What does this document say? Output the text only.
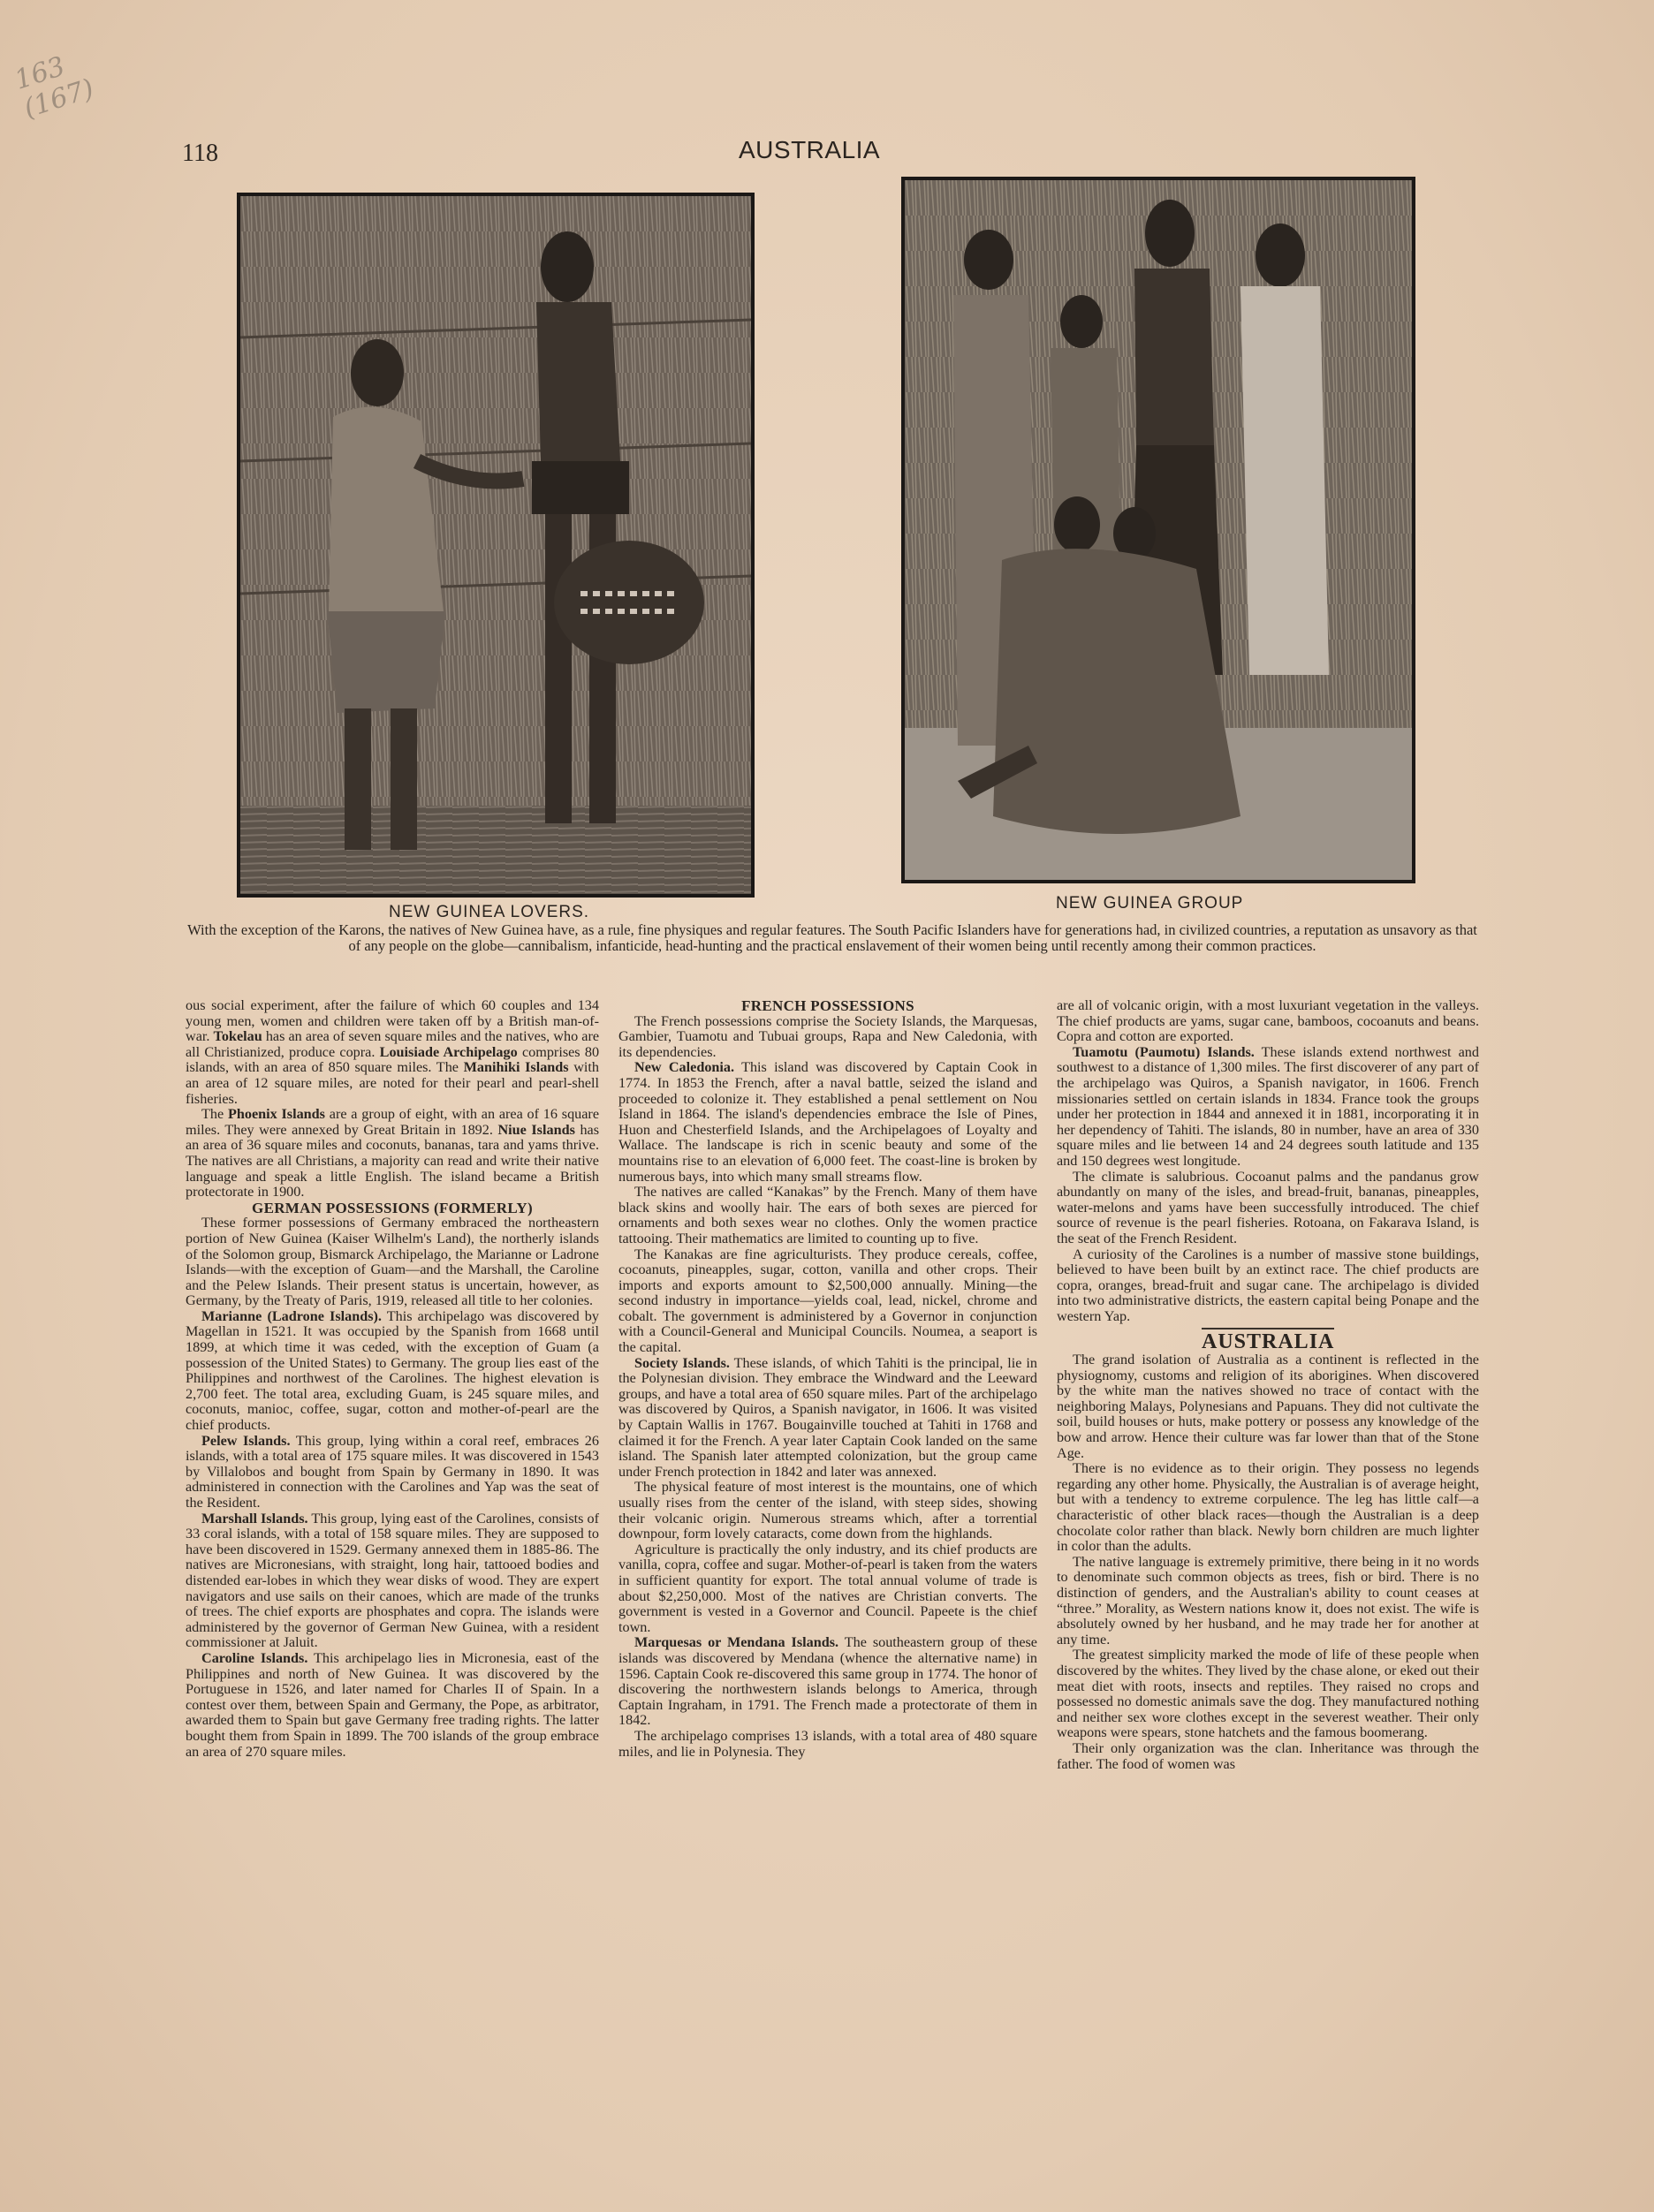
163 (167)
118	AUSTRALIA
NEW GUINEA LOVERS.	NEW GUINEA GROUP
With the exception of the Karons, the natives of New Guinea have, as a rule, fine physiques and regular features. The South Pacific Islanders have for generations had, in civilized countries, a reputation as unsavory as that of any people on the globe—cannibalism, infanticide, head-hunting and the practical enslavement of their women being until recently among their common practices.

ous social experiment, after the failure of which 60 couples and 134 young men, women and children were taken off by a British man-of-war. Tokelau has an area of seven square miles and the natives, who are all Christianized, produce copra. Louisiade Archipelago comprises 80 islands, with an area of 850 square miles. The Manihiki Islands with an area of 12 square miles, are noted for their pearl and pearl-shell fisheries.

The Phoenix Islands are a group of eight, with an area of 16 square miles. They were annexed by Great Britain in 1892. Niue Islands has an area of 36 square miles and coconuts, bananas, tara and yams thrive. The natives are all Christians, a majority can read and write their native language and speak a little English. The island became a British protectorate in 1900.

GERMAN POSSESSIONS (FORMERLY)

These former possessions of Germany embraced the northeastern portion of New Guinea (Kaiser Wilhelm's Land), the northerly islands of the Solomon group, Bismarck Archipelago, the Marianne or Ladrone Islands—with the exception of Guam—and the Marshall, the Caroline and the Pelew Islands. Their present status is uncertain, however, as Germany, by the Treaty of Paris, 1919, released all title to her colonies.

Marianne (Ladrone Islands). This archipelago was discovered by Magellan in 1521. It was occupied by the Spanish from 1668 until 1899, at which time it was ceded, with the exception of Guam (a possession of the United States) to Germany. The group lies east of the Philippines and northwest of the Carolines. The highest elevation is 2,700 feet. The total area, excluding Guam, is 245 square miles, and coconuts, manioc, coffee, sugar, cotton and mother-of-pearl are the chief products.

Pelew Islands. This group, lying within a coral reef, embraces 26 islands, with a total area of 175 square miles. It was discovered in 1543 by Villalobos and bought from Spain by Germany in 1890. It was administered in connection with the Carolines and Yap was the seat of the Resident.

Marshall Islands. This group, lying east of the Carolines, consists of 33 coral islands, with a total of 158 square miles. They are supposed to have been discovered in 1529. Germany annexed them in 1885-86. The natives are Micronesians, with straight, long hair, tattooed bodies and distended ear-lobes in which they wear disks of wood. They are expert navigators and use sails on their canoes, which are made of the trunks of trees. The chief exports are phosphates and copra. The islands were administered by the governor of German New Guinea, with a resident commissioner at Jaluit.

Caroline Islands. This archipelago lies in Micronesia, east of the Philippines and north of New Guinea. It was discovered by the Portuguese in 1526, and later named for Charles II of Spain. In a contest over them, between Spain and Germany, the Pope, as arbitrator, awarded them to Spain but gave Germany free trading rights. The latter bought them from Spain in 1899. The 700 islands of the group embrace an area of 270 square miles.

FRENCH POSSESSIONS

The French possessions comprise the Society Islands, the Marquesas, Gambier, Tuamotu and Tubuai groups, Rapa and New Caledonia, with its dependencies.

New Caledonia. This island was discovered by Captain Cook in 1774. In 1853 the French, after a naval battle, seized the island and proceeded to colonize it. They established a penal settlement on Nou Island in 1864. The island's dependencies embrace the Isle of Pines, Huon and Chesterfield Islands, and the Archipelagoes of Loyalty and Wallace. The landscape is rich in scenic beauty and some of the mountains rise to an elevation of 6,000 feet. The coast-line is broken by numerous bays, into which many small streams flow.

The natives are called “Kanakas” by the French. Many of them have black skins and woolly hair. The ears of both sexes are pierced for ornaments and both sexes wear no clothes. Only the women practice tattooing. Their mathematics are limited to counting up to five.

The Kanakas are fine agriculturists. They produce cereals, coffee, cocoanuts, pineapples, sugar, cotton, vanilla and other crops. Their imports and exports amount to $2,500,000 annually. Mining—the second industry in importance—yields coal, lead, nickel, chrome and cobalt. The government is administered by a Governor in conjunction with a Council-General and Municipal Councils. Noumea, a seaport is the capital.

Society Islands. These islands, of which Tahiti is the principal, lie in the Polynesian division. They embrace the Windward and the Leeward groups, and have a total area of 650 square miles. Part of the archipelago was discovered by Quiros, a Spanish navigator, in 1606. It was visited by Captain Wallis in 1767. Bougainville touched at Tahiti in 1768 and claimed it for the French. A year later Captain Cook landed on the same island. The Spanish later attempted colonization, but the group came under French protection in 1842 and later was annexed.

The physical feature of most interest is the mountains, one of which usually rises from the center of the island, with steep sides, showing their volcanic origin. Numerous streams which, after a torrential downpour, form lovely cataracts, come down from the highlands.

Agriculture is practically the only industry, and its chief products are vanilla, copra, coffee and sugar. Mother-of-pearl is taken from the waters in sufficient quantity for export. The total annual volume of trade is about $2,250,000. Most of the natives are Christian converts. The government is vested in a Governor and Council. Papeete is the chief town.

Marquesas or Mendana Islands. The southeastern group of these islands was discovered by Mendana (whence the alternative name) in 1596. Captain Cook re-discovered this same group in 1774. The honor of discovering the northwestern islands belongs to America, through Captain Ingraham, in 1791. The French made a protectorate of them in 1842.

The archipelago comprises 13 islands, with a total area of 480 square miles, and lie in Polynesia. They

are all of volcanic origin, with a most luxuriant vegetation in the valleys. The chief products are yams, sugar cane, bamboos, cocoanuts and beans. Copra and cotton are exported.

Tuamotu (Paumotu) Islands. These islands extend northwest and southwest to a distance of 1,300 miles. The first discoverer of any part of the archipelago was Quiros, a Spanish navigator, in 1606. French missionaries settled on certain islands in 1834. France took the groups under her protection in 1844 and annexed it in 1881, incorporating it in her dependency of Tahiti. The islands, 80 in number, have an area of 330 square miles and lie between 14 and 24 degrees south latitude and 135 and 150 degrees west longitude.

The climate is salubrious. Cocoanut palms and the pandanus grow abundantly on many of the isles, and bread-fruit, bananas, pineapples, water-melons and yams have been successfully introduced. The chief source of revenue is the pearl fisheries. Rotoana, on Fakarava Island, is the seat of the French Resident.

A curiosity of the Carolines is a number of massive stone buildings, believed to have been built by an extinct race. The chief products are copra, oranges, bread-fruit and sugar cane. The archipelago is divided into two administrative districts, the eastern capital being Ponape and the western Yap.

AUSTRALIA

The grand isolation of Australia as a continent is reflected in the physiognomy, customs and religion of its aborigines. When discovered by the white man the natives showed no trace of contact with the neighboring Malays, Polynesians and Papuans. They did not cultivate the soil, build houses or huts, make pottery or possess any knowledge of the bow and arrow. Hence their culture was far lower than that of the Stone Age.

There is no evidence as to their origin. They possess no legends regarding any other home. Physically, the Australian is of average height, but with a tendency to extreme corpulence. The leg has little calf—a characteristic of other black races—though the Australian is a deep chocolate color rather than black. Newly born children are much lighter in color than the adults.

The native language is extremely primitive, there being in it no words to denominate such common objects as trees, fish or bird. There is no distinction of genders, and the Australian's ability to count ceases at “three.” Morality, as Western nations know it, does not exist. The wife is absolutely owned by her husband, and he may trade her for another at any time.

The greatest simplicity marked the mode of life of these people when discovered by the whites. They lived by the chase alone, or eked out their meat diet with roots, insects and reptiles. They raised no crops and possessed no domestic animals save the dog. They manufactured nothing and neither sex wore clothes except in the severest weather. Their only weapons were spears, stone hatchets and the famous boomerang.

Their only organization was the clan. Inheritance was through the father. The food of women was
